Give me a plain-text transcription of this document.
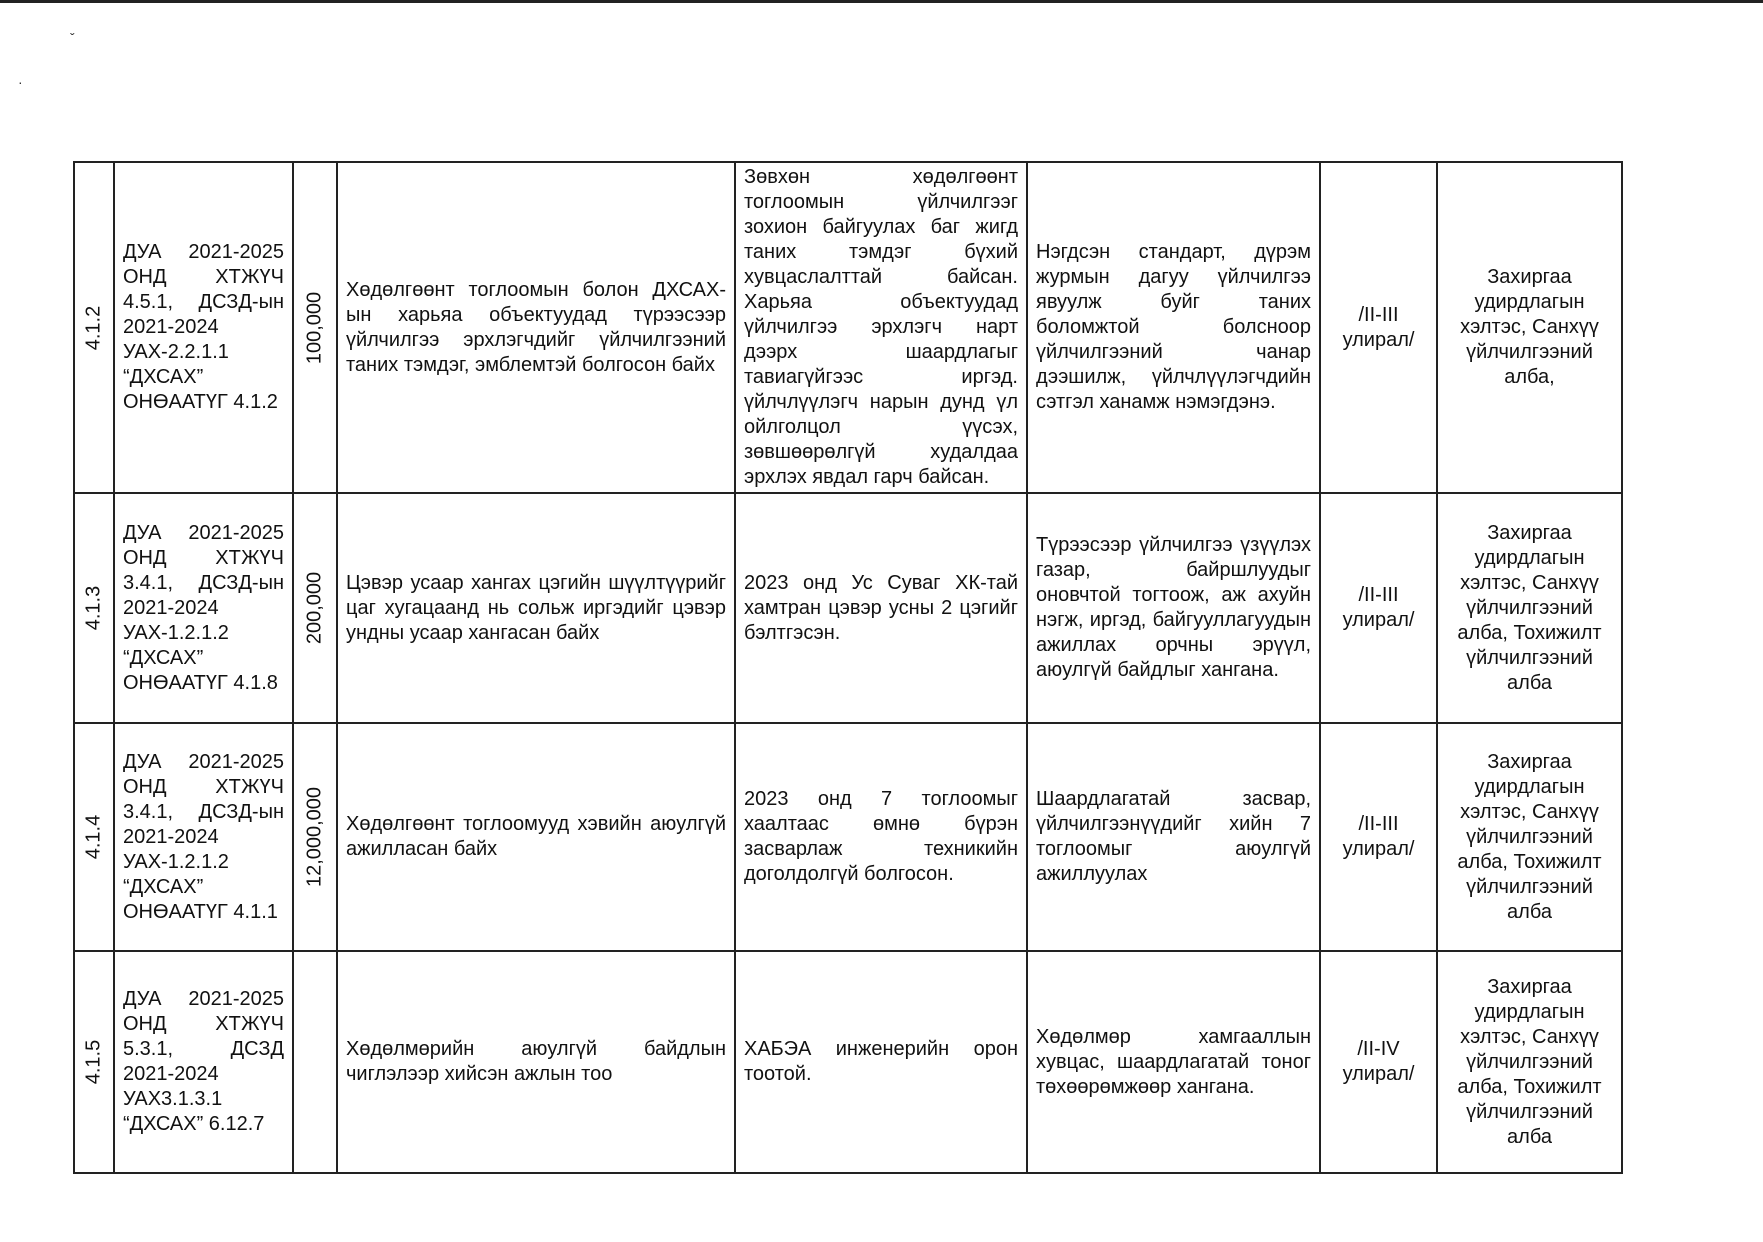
ˇ
·
4.1.2	ДУА 2021-2025 ОНД ХТЖҮЧ 4.5.1, ДСЗД-ын 2021-2024 УАХ-2.2.1.1 “ДХСАХ” ОНӨААТҮГ 4.1.2	100,000	Хөдөлгөөнт тоглоомын болон ДХСАХ-ын харьяа объектуудад түрээсээр үйлчилгээ эрхлэгчдийг үйлчилгээний таних тэмдэг, эмблемтэй болгосон байх	Зөвхөн хөдөлгөөнт тоглоомын үйлчилгээг зохион байгуулах баг жигд таних тэмдэг бүхий хувцаслалттай байсан. Харьяа объектуудад үйлчилгээ эрхлэгч нарт дээрх шаардлагыг тавиагүйгээс иргэд. үйлчлүүлэгч нарын дунд үл ойлголцол үүсэх, зөвшөөрөлгүй худалдаа эрхлэх явдал гарч байсан.	Нэгдсэн стандарт, дүрэм журмын дагуу үйлчилгээ явуулж буйг таних боломжтой болсноор үйлчилгээний чанар дээшилж, үйлчлүүлэгчдийн сэтгэл ханамж нэмэгдэнэ.	/II-III улирал/	Захиргаа удирдлагын хэлтэс, Санхүү үйлчилгээний алба,

4.1.3	ДУА 2021-2025 ОНД ХТЖҮЧ 3.4.1, ДСЗД-ын 2021-2024 УАХ-1.2.1.2 “ДХСАХ” ОНӨААТҮГ 4.1.8	200,000	Цэвэр усаар хангах цэгийн шүүлтүүрийг цаг хугацаанд нь сольж иргэдийг цэвэр ундны усаар хангасан байх	2023 онд Ус Суваг ХК-тай хамтран цэвэр усны 2 цэгийг бэлтгэсэн.	Түрээсээр үйлчилгээ үзүүлэх газар, байршлуудыг оновчтой тогтоож, аж ахуйн нэгж, иргэд, байгууллагуудын ажиллах орчны эрүүл, аюулгүй байдлыг хангана.	/II-III улирал/	Захиргаа удирдлагын хэлтэс, Санхүү үйлчилгээний алба, Тохижилт үйлчилгээний алба

4.1.4	ДУА 2021-2025 ОНД ХТЖҮЧ 3.4.1, ДСЗД-ын 2021-2024 УАХ-1.2.1.2 “ДХСАХ” ОНӨААТҮГ 4.1.1	12,000,000	Хөдөлгөөнт тоглоомууд хэвийн аюулгүй ажилласан байх	2023 онд 7 тоглоомыг хаалтаас өмнө бүрэн засварлаж техникийн доголдолгүй болгосон.	Шаардлагатай засвар, үйлчилгээнүүдийг хийн 7 тоглоомыг аюулгүй ажиллуулах	/II-III улирал/	Захиргаа удирдлагын хэлтэс, Санхүү үйлчилгээний алба, Тохижилт үйлчилгээний алба

4.1.5	ДУА 2021-2025 ОНД ХТЖҮЧ 5.3.1, ДСЗД 2021-2024 УАХ3.1.3.1 “ДХСАХ” 6.12.7		Хөдөлмөрийн аюулгүй байдлын чиглэлээр хийсэн ажлын тоо	ХАБЭА инженерийн орон тоотой.	Хөдөлмөр хамгааллын хувцас, шаардлагатай тоног төхөөрөмжөөр хангана.	/II-IV улирал/	Захиргаа удирдлагын хэлтэс, Санхүү үйлчилгээний алба, Тохижилт үйлчилгээний алба
